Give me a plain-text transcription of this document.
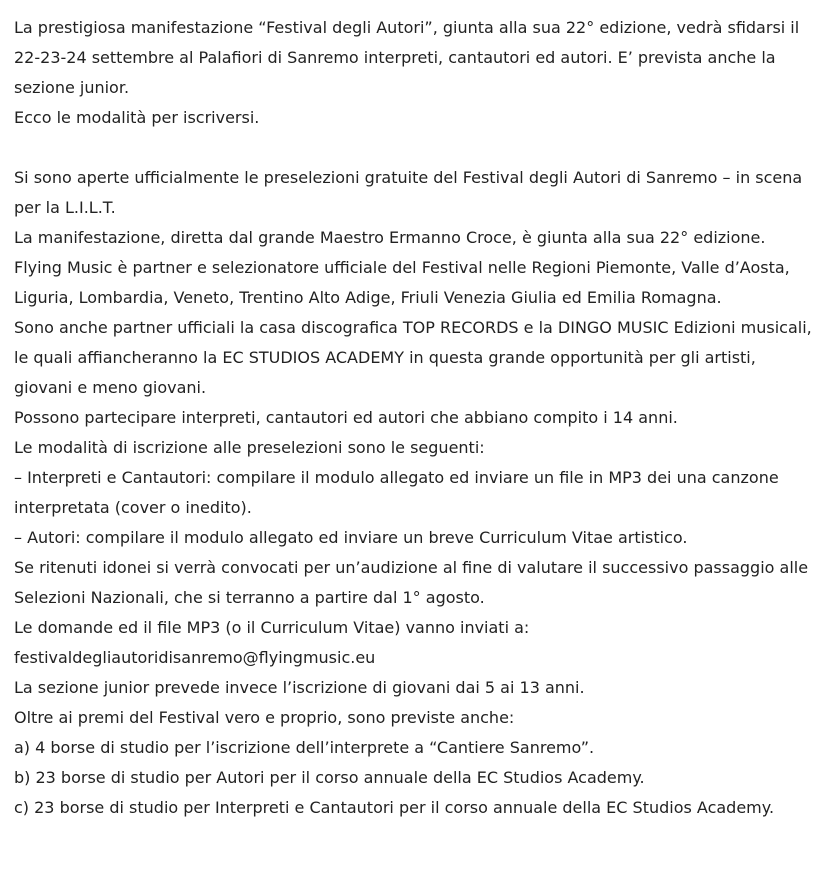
La prestigiosa manifestazione “Festival degli Autori”, giunta alla sua 22° edizione, vedrà sfidarsi il 22-23-24 settembre al Palafiori di Sanremo interpreti, cantautori ed autori. E’ prevista anche la sezione junior.

Ecco le modalità per iscriversi.

Si sono aperte ufficialmente le preselezioni gratuite del Festival degli Autori di Sanremo – in scena per la L.I.L.T.

La manifestazione, diretta dal grande Maestro Ermanno Croce, è giunta alla sua 22° edizione.

Flying Music è partner e selezionatore ufficiale del Festival nelle Regioni Piemonte, Valle d’Aosta, Liguria, Lombardia, Veneto, Trentino Alto Adige, Friuli Venezia Giulia ed Emilia Romagna.

Sono anche partner ufficiali la casa discografica TOP RECORDS e la DINGO MUSIC Edizioni musicali, le quali affiancheranno la EC STUDIOS ACADEMY in questa grande opportunità per gli artisti, giovani e meno giovani.

Possono partecipare interpreti, cantautori ed autori che abbiano compito i 14 anni.

Le modalità di iscrizione alle preselezioni sono le seguenti:

– Interpreti e Cantautori: compilare il modulo allegato ed inviare un file in MP3 dei una canzone interpretata (cover o inedito).

– Autori: compilare il modulo allegato ed inviare un breve Curriculum Vitae artistico.

Se ritenuti idonei si verrà convocati per un’audizione al fine di valutare il successivo passaggio alle Selezioni Nazionali, che si terranno a partire dal 1° agosto.

Le domande ed il file MP3 (o il Curriculum Vitae) vanno inviati a:

festivaldegliautoridisanremo@flyingmusic.eu

La sezione junior prevede invece l’iscrizione di giovani dai 5 ai 13 anni.

Oltre ai premi del Festival vero e proprio, sono previste anche:

a) 4 borse di studio per l’iscrizione dell’interprete a “Cantiere Sanremo”.

b) 23 borse di studio per Autori per il corso annuale della EC Studios Academy.

c) 23 borse di studio per Interpreti e Cantautori per il corso annuale della EC Studios Academy.
